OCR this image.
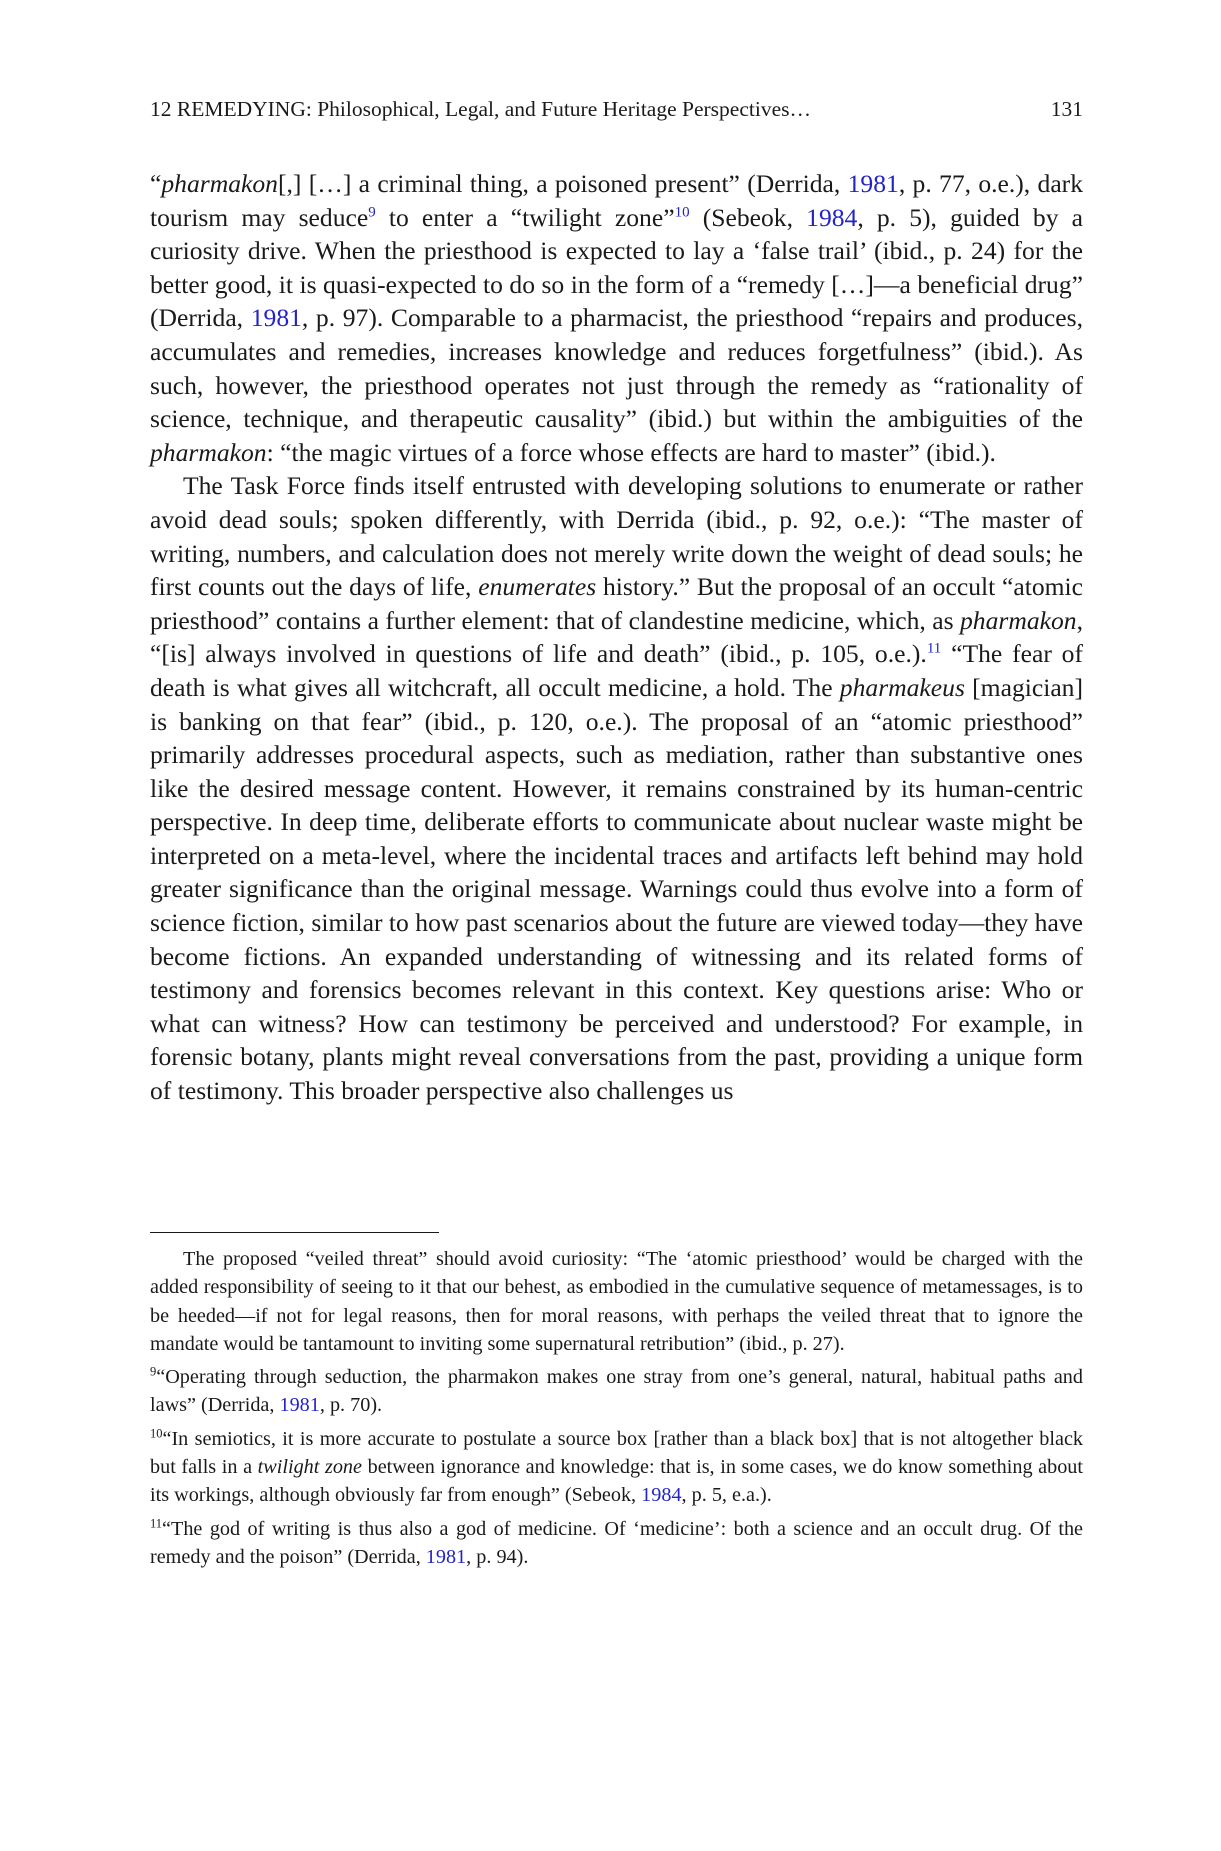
12 REMEDYING: Philosophical, Legal, and Future Heritage Perspectives…	131

“pharmakon[,] […] a criminal thing, a poisoned present” (Derrida, 1981, p. 77, o.e.), dark tourism may seduce$^9$ to enter a “twilight zone”$^{10}$ (Sebeok, 1984, p. 5), guided by a curiosity drive. When the priesthood is expected to lay a ‘false trail’ (ibid., p. 24) for the better good, it is quasi-expected to do so in the form of a “remedy […]—a beneficial drug” (Derrida, 1981, p. 97). Comparable to a pharmacist, the priesthood “repairs and produces, accumulates and remedies, increases knowledge and reduces forgetfulness” (ibid.). As such, however, the priesthood operates not just through the remedy as “rationality of science, technique, and therapeutic causality” (ibid.) but within the ambiguities of the pharmakon: “the magic virtues of a force whose effects are hard to master” (ibid.).

The Task Force finds itself entrusted with developing solutions to enumerate or rather avoid dead souls; spoken differently, with Derrida (ibid., p. 92, o.e.): “The master of writing, numbers, and calculation does not merely write down the weight of dead souls; he first counts out the days of life, enumerates history.” But the proposal of an occult “atomic priesthood” contains a further element: that of clandestine medicine, which, as pharmakon, “[is] always involved in questions of life and death” (ibid., p. 105, o.e.).$^{11}$ “The fear of death is what gives all witchcraft, all occult medicine, a hold. The pharmakeus [magician] is banking on that fear” (ibid., p. 120, o.e.). The proposal of an “atomic priesthood” primarily addresses procedural aspects, such as mediation, rather than substantive ones like the desired message content. However, it remains constrained by its human-centric perspective. In deep time, deliberate efforts to communicate about nuclear waste might be interpreted on a meta-level, where the incidental traces and artifacts left behind may hold greater significance than the original message. Warnings could thus evolve into a form of science fiction, similar to how past scenarios about the future are viewed today—they have become fictions. An expanded understanding of witnessing and its related forms of testimony and forensics becomes relevant in this context. Key questions arise: Who or what can witness? How can testimony be perceived and understood? For example, in forensic botany, plants might reveal conversations from the past, providing a unique form of testimony. This broader perspective also challenges us

The proposed “veiled threat” should avoid curiosity: “The ‘atomic priesthood’ would be charged with the added responsibility of seeing to it that our behest, as embodied in the cumulative sequence of metamessages, is to be heeded—if not for legal reasons, then for moral reasons, with perhaps the veiled threat that to ignore the mandate would be tantamount to inviting some supernatural retribution” (ibid., p. 27).

$^9$“Operating through seduction, the pharmakon makes one stray from one’s general, natural, habitual paths and laws” (Derrida, 1981, p. 70).

$^{10}$“In semiotics, it is more accurate to postulate a source box [rather than a black box] that is not altogether black but falls in a twilight zone between ignorance and knowledge: that is, in some cases, we do know something about its workings, although obviously far from enough” (Sebeok, 1984, p. 5, e.a.).

$^{11}$“The god of writing is thus also a god of medicine. Of ‘medicine’: both a science and an occult drug. Of the remedy and the poison” (Derrida, 1981, p. 94).
